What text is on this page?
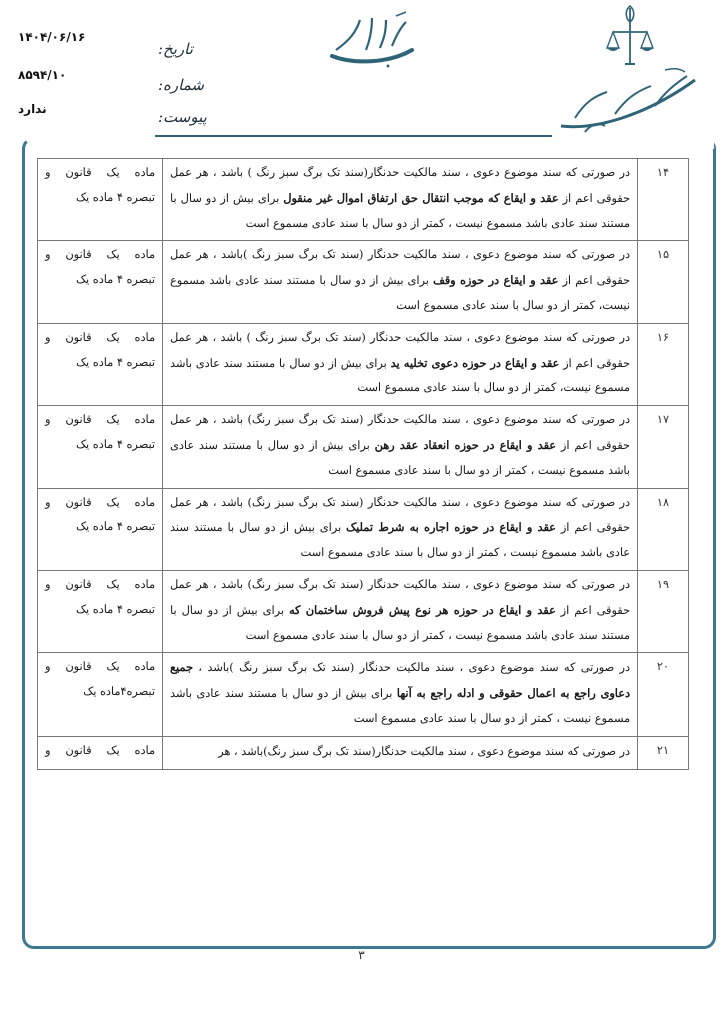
۱۴۰۴/۰۶/۱۶
تاریخ:
۸۵۹۴/۱۰
شماره:
ندارد	پیوست:
۱۴	در صورتی که سند موضوع دعوی ، سند مالکیت حدنگار(سند تک برگ سبز رنگ ) باشد ، هر عمل حقوقی اعم از عقد و ایقاع که موجب انتقال حق ارتفاق اموال غیر منقول برای بیش از دو سال با مستند سند عادی باشد مسموع نیست ، کمتر از دو سال با سند عادی مسموع است	ماده یک قانون و
تبصره ۴ ماده یک

۱۵	در صورتی که سند موضوع دعوی ، سند مالکیت حدنگار (سند تک برگ سبز رنگ )باشد ، هر عمل حقوقی اعم از عقد و ایقاع در حوزه وقف برای بیش از دو سال با مستند سند عادی باشد مسموع نیست، کمتر از دو سال با سند عادی مسموع است	ماده یک قانون و
تبصره ۴ ماده یک

۱۶	در صورتی که سند موضوع دعوی ، سند مالکیت حدنگار (سند تک برگ سبز رنگ ) باشد ، هر عمل حقوقی اعم از عقد و ایقاع در حوزه دعوی تخلیه ید برای بیش از دو سال با مستند سند عادی باشد مسموع نیست، کمتر از دو سال با سند عادی مسموع است	ماده یک قانون و
تبصره ۴ ماده یک

۱۷	در صورتی که سند موضوع دعوی ، سند مالکیت حدنگار (سند تک برگ سبز رنگ) باشد ، هر عمل حقوقی اعم از عقد و ایقاع در حوزه انعقاد عقد رهن برای بیش از دو سال با مستند سند عادی باشد مسموع نیست ، کمتر از دو سال با سند عادی مسموع است	ماده یک قانون و
تبصره ۴ ماده یک

۱۸	در صورتی که سند موضوع دعوی ، سند مالکیت حدنگار (سند تک برگ سبز رنگ) باشد ، هر عمل حقوقی اعم از عقد و ایقاع در حوزه اجاره به شرط تملیک برای بیش از دو سال با مستند سند عادی باشد مسموع نیست ، کمتر از دو سال با سند عادی مسموع است	ماده یک قانون و
تبصره ۴ ماده یک

۱۹	در صورتی که سند موضوع دعوی ، سند مالکیت حدنگار (سند تک برگ سبز رنگ) باشد ، هر عمل حقوقی اعم از عقد و ایقاع در حوزه هر نوع پیش فروش ساختمان که برای بیش از دو سال با مستند سند عادی باشد مسموع نیست ، کمتر از دو سال با سند عادی مسموع است	ماده یک قانون و
تبصره ۴ ماده یک

۲۰	در صورتی که سند موضوع دعوی ، سند مالکیت حدنگار (سند تک برگ سبز رنگ )باشد ، جمیع دعاوی راجع به اعمال حقوقی و ادله راجع به آنها برای بیش از دو سال با مستند سند عادی باشد مسموع نیست ، کمتر از دو سال با سند عادی مسموع است	ماده یک قانون و
تبصره۴ماده یک

۲۱	در صورتی که سند موضوع دعوی ، سند مالکیت حدنگار(سند تک برگ سبز رنگ)باشد ، هر	ماده یک قانون و
۳
